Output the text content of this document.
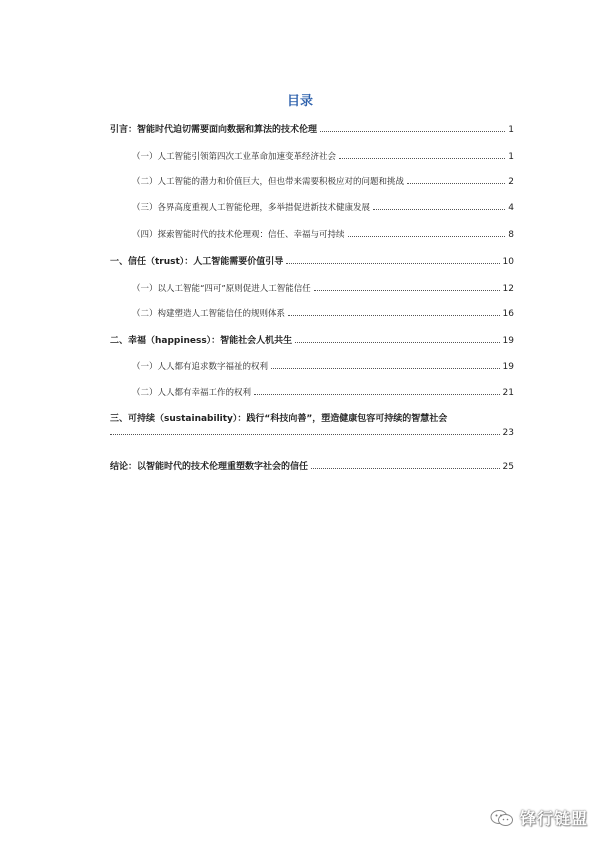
目录
引言：智能时代迫切需要面向数据和算法的技术伦理	1
（一）人工智能引领第四次工业革命加速变革经济社会	1
（二）人工智能的潜力和价值巨大，但也带来需要积极应对的问题和挑战	2
（三）各界高度重视人工智能伦理，多举措促进新技术健康发展	4
（四）探索智能时代的技术伦理观：信任、幸福与可持续	8
一、信任（trust）：人工智能需要价值引导	10
（一）以人工智能“四可”原则促进人工智能信任	12
（二）构建塑造人工智能信任的规则体系	16
二、幸福（happiness）：智能社会人机共生	19
（一）人人都有追求数字福祉的权利	19
（二）人人都有幸福工作的权利	21
三、可持续（sustainability）：践行“科技向善”，塑造健康包容可持续的智慧社会
23
结论：以智能时代的技术伦理重塑数字社会的信任	25
锋行链盟
